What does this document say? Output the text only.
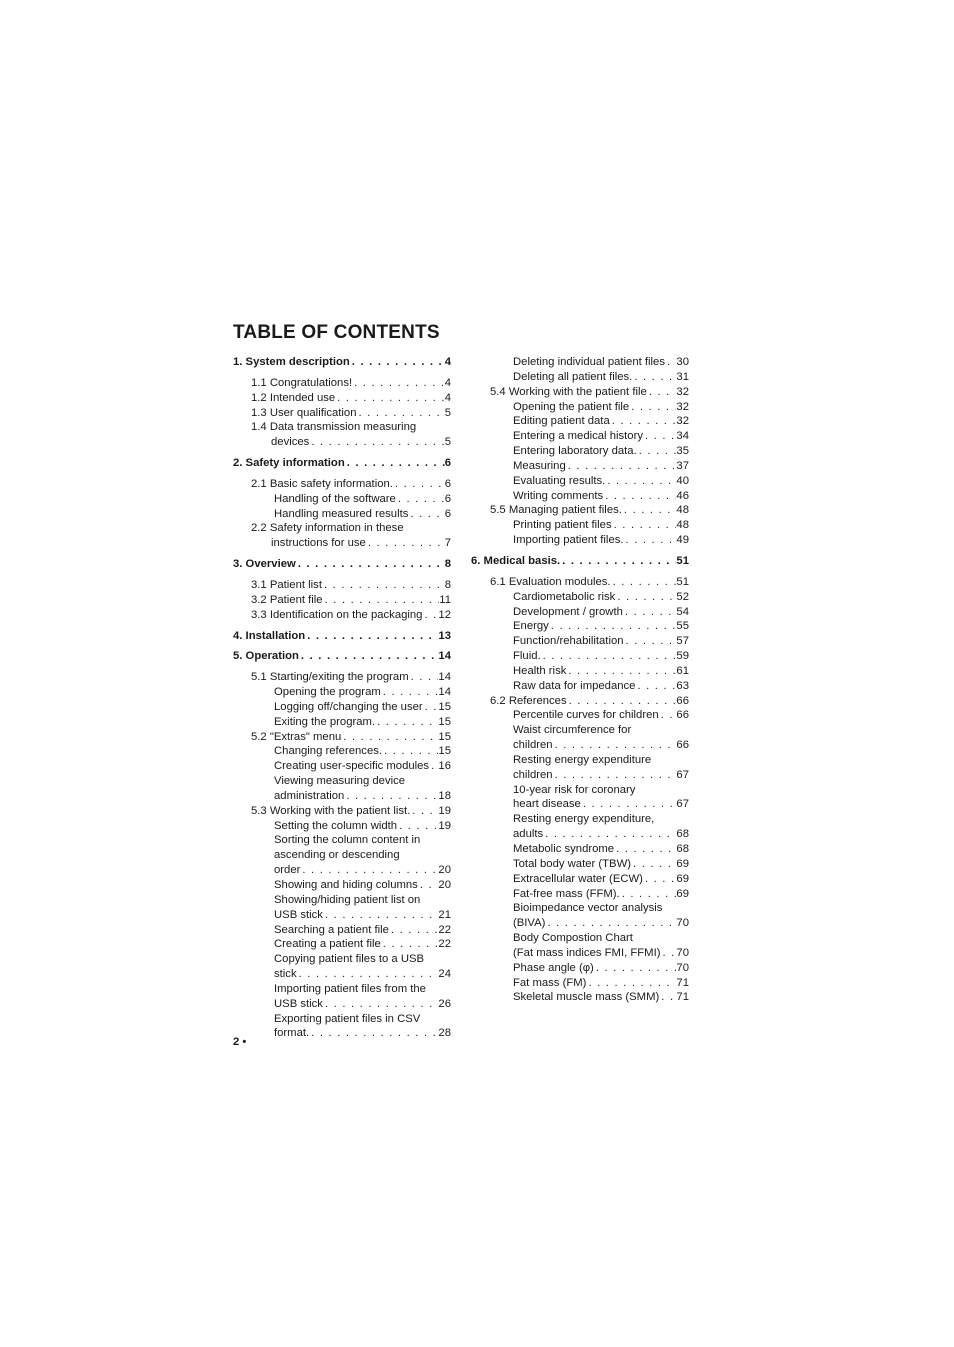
TABLE OF CONTENTS
1. System description . . .	4
1.1 Congratulations! . . .	4
1.2 Intended use . . .	4
1.3 User qualification . . .	5
1.4 Data transmission measuring
devices . . .	5
2. Safety information . . .	6
2.1 Basic safety information. . . .	6
Handling of the software . . .	6
Handling measured results . . .	6
2.2 Safety information in these
instructions for use . . .	7
3. Overview . . .	8
3.1 Patient list . . .	8
3.2 Patient file . . .	11
3.3 Identification on the packaging . . . 12
4. Installation . . .	13
5. Operation . . .	14
5.1 Starting/exiting the program . . .	14
Opening the program . . .	14
Logging off/changing the user . . . 15
Exiting the program. . . .	15
5.2 "Extras" menu . . .	15
Changing references. . . .	15
Creating user-specific modules . . . 16
Viewing measuring device
administration . . .	18
5.3 Working with the patient list. . . . 19
Setting the column width . . .	19
Sorting the column content in
ascending or descending
order . . .	20
Showing and hiding columns . . . 20
Showing/hiding patient list on
USB stick . . .	21
Searching a patient file . . .	22
Creating a patient file . . .	22
Copying patient files to a USB
stick . . .	24
Importing patient files from the
USB stick . . .	26
Exporting patient files in CSV
format. . . .	28
Deleting individual patient files . . . 30
Deleting all patient files. . . .	31
5.4 Working with the patient file . . .	32
Opening the patient file . . .	32
Editing patient data . . .	32
Entering a medical history . . .	34
Entering laboratory data. . . .	35
Measuring . . .	37
Evaluating results. . . .	40
Writing comments . . .	46
5.5 Managing patient files. . . .	48
Printing patient files . . .	48
Importing patient files. . . .	49
6. Medical basis. . . .	51
6.1 Evaluation modules. . . .	51
Cardiometabolic risk . . .	52
Development / growth . . .	54
Energy . . .	55
Function/rehabilitation . . .	57
Fluid. . . .	59
Health risk . . .	61
Raw data for impedance . . .	63
6.2 References . . .	66
Percentile curves for children . . . 66
Waist circumference for
children . . .	66
Resting energy expenditure
children . . .	67
10-year risk for coronary
heart disease . . .	67
Resting energy expenditure,
adults . . .	68
Metabolic syndrome . . .	68
Total body water (TBW) . . .	69
Extracellular water (ECW) . . .	69
Fat-free mass (FFM). . . .	69
Bioimpedance vector analysis
(BIVA) . . .	70
Body Compostion Chart
(Fat mass indices FMI, FFMI) . . . 70
Phase angle (φ) . . .	70
Fat mass (FM) . . .	71
Skeletal muscle mass (SMM) . . . 71
2 •
